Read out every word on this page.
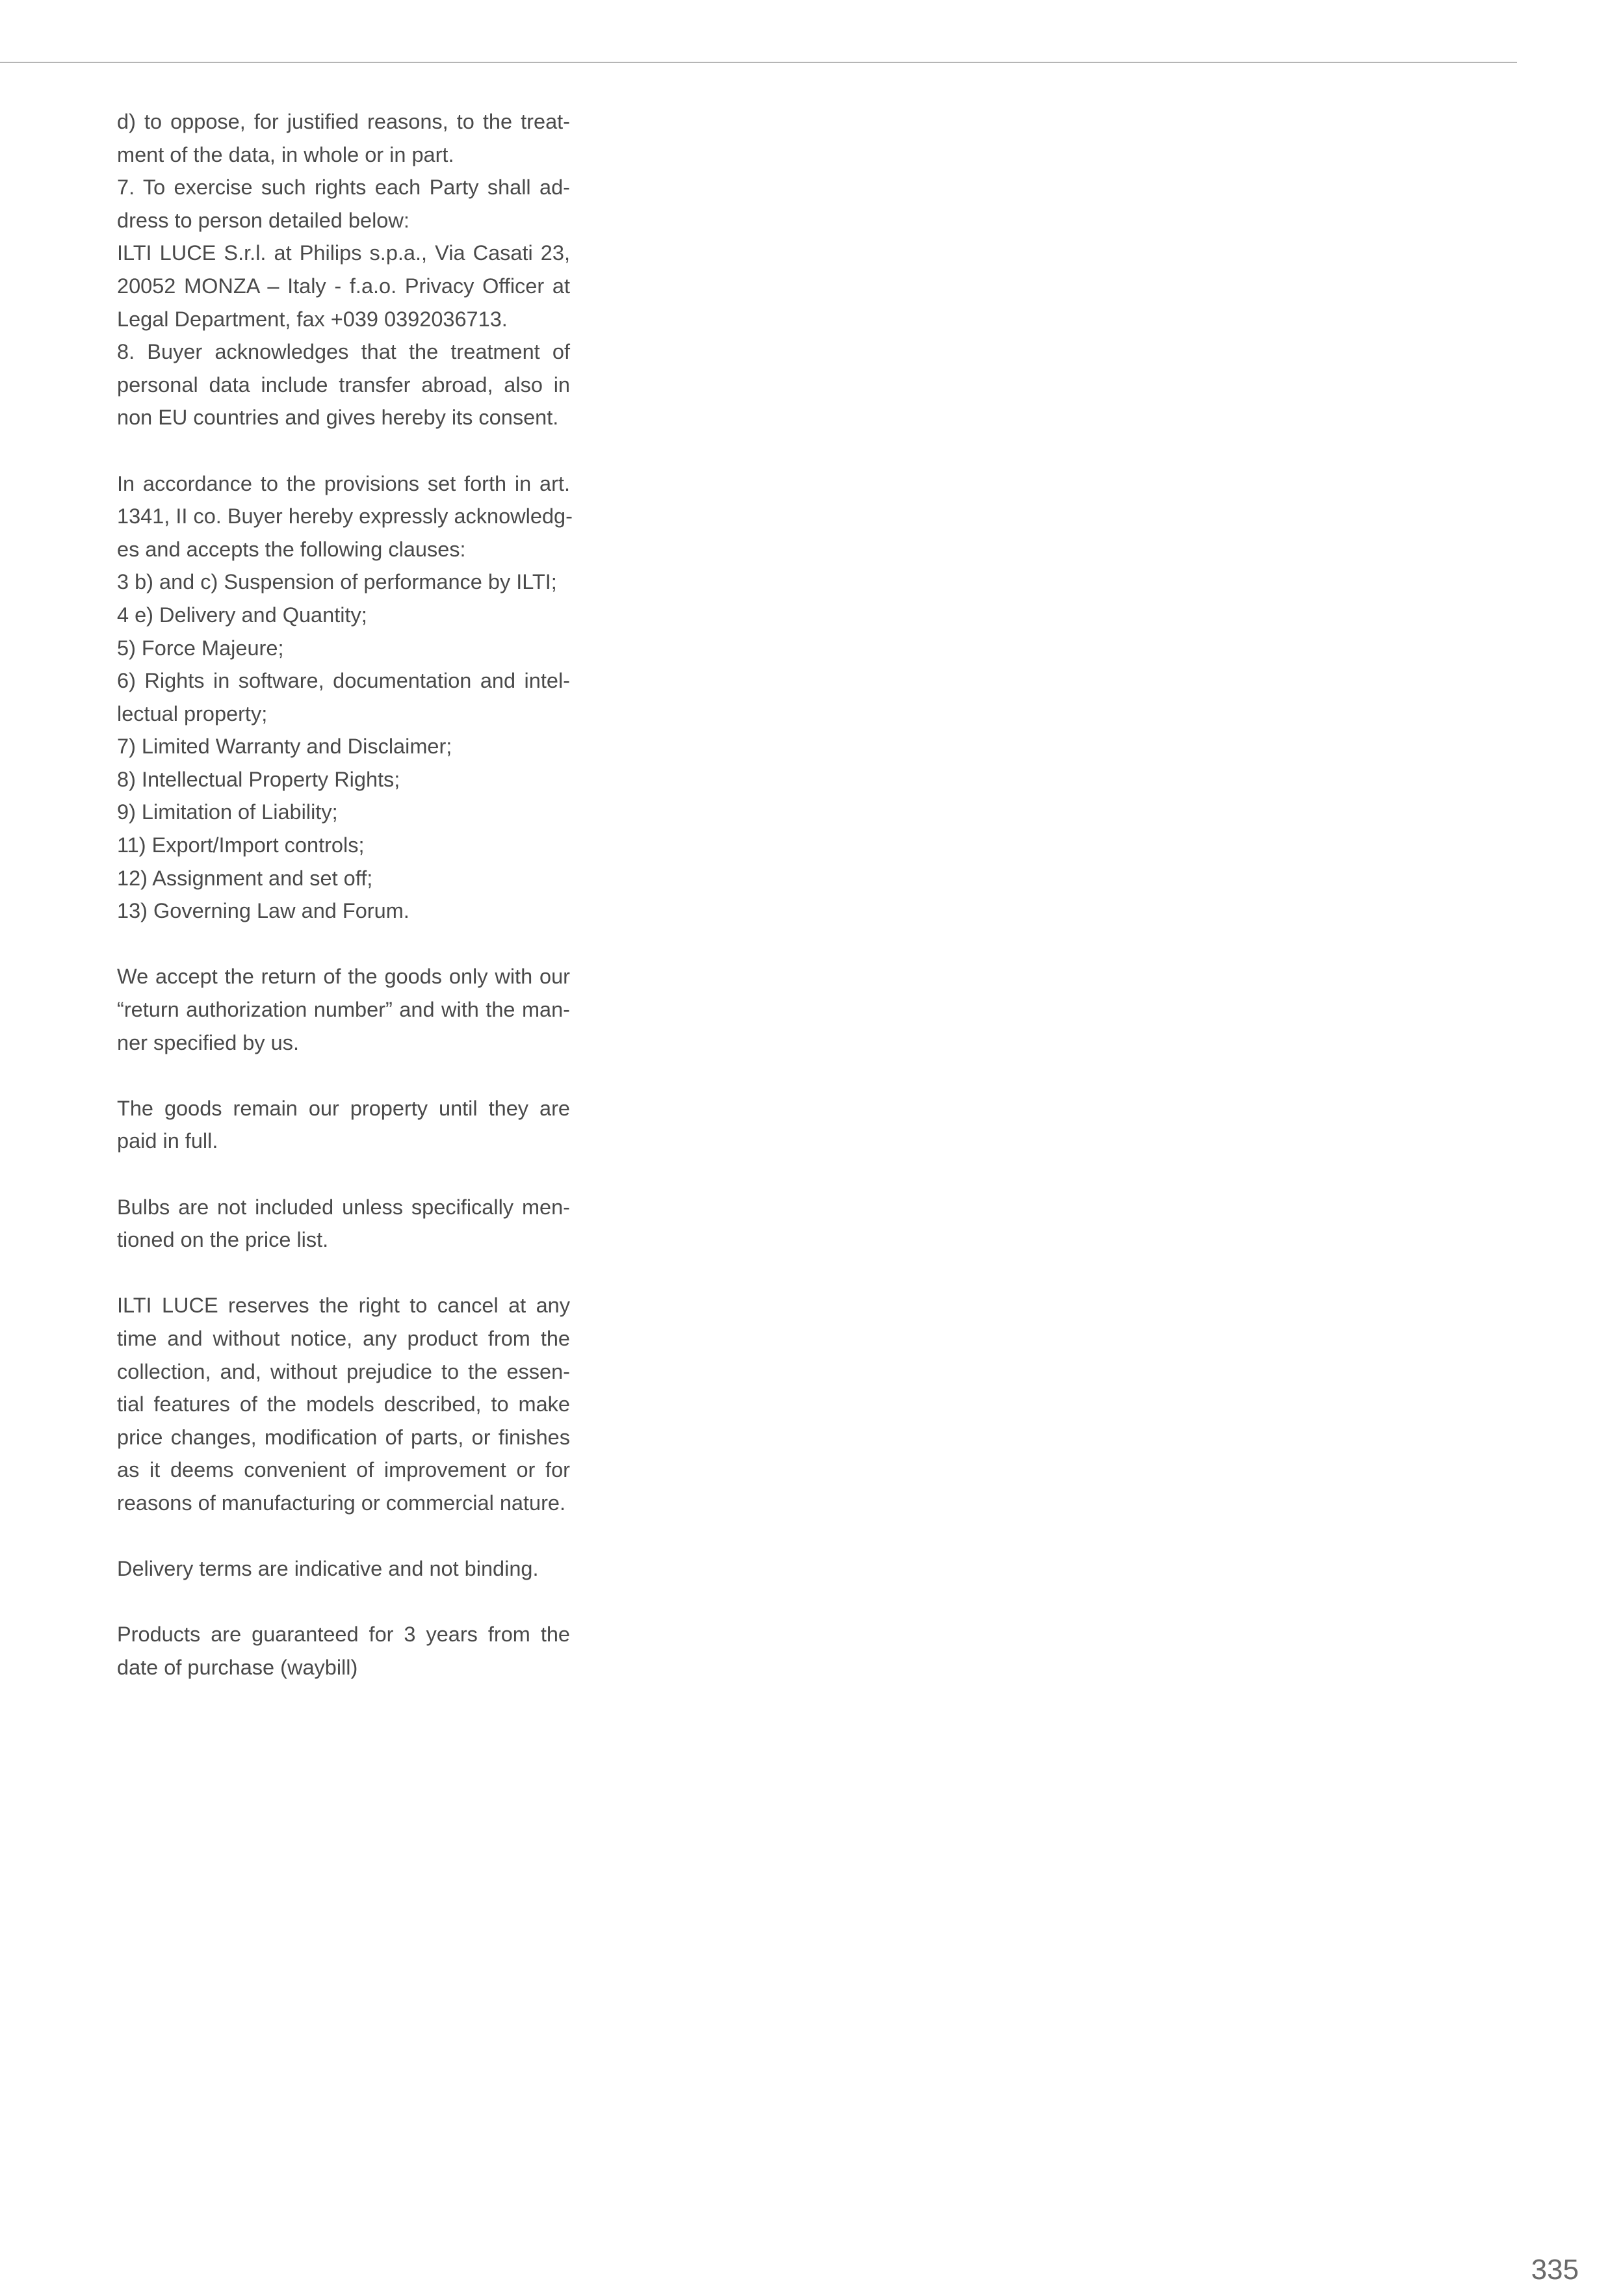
d) to oppose, for justified reasons, to the treat-
ment of the data, in whole or in part.
7. To exercise such rights each Party shall ad-
dress to person detailed below:
ILTI LUCE S.r.l. at Philips s.p.a., Via Casati 23,
20052 MONZA – Italy - f.a.o. Privacy Officer at
Legal Department, fax +039 0392036713.
8. Buyer acknowledges that the treatment of
personal data include transfer abroad, also in
non EU countries and gives hereby its consent.
In accordance to the provisions set forth in art.
1341, II co. Buyer hereby expressly acknowledg-
es and accepts the following clauses:
3 b) and c) Suspension of performance by ILTI;
4 e) Delivery and Quantity;
5) Force Majeure;
6) Rights in software, documentation and intel-
lectual property;
7) Limited Warranty and Disclaimer;
8) Intellectual Property Rights;
9) Limitation of Liability;
11) Export/Import controls;
12) Assignment and set off;
13) Governing Law and Forum.
We accept the return of the goods only with our
“return authorization number” and with the man-
ner specified by us.
The goods remain our property until they are
paid in full.
Bulbs are not included unless specifically men-
tioned on the price list.
ILTI LUCE reserves the right to cancel at any
time and without notice, any product from the
collection, and, without prejudice to the essen-
tial features of the models described, to make
price changes, modification of parts, or finishes
as it deems convenient of improvement or for
reasons of manufacturing or commercial nature.
Delivery terms are indicative and not binding.
Products are guaranteed for 3 years from the
date of purchase (waybill)
335
